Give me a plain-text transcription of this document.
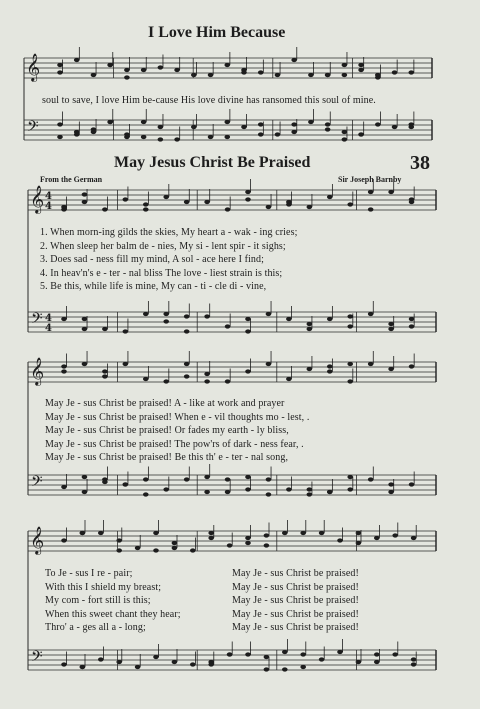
I Love Him Because
soul to save, I love Him be-cause His love divine has ransomed this soul of mine.
May Jesus Christ Be Praised	38
From the German	Sir Joseph Barnby
1. When morn-ing gilds the skies, My heart a - wak - ing cries;
2. When sleep her balm de - nies, My si - lent spir - it sighs;
3. Does sad - ness fill my mind, A sol - ace here I find;
4. In heav'n's e - ter - nal bliss The love - liest strain is this;
5. Be this, while life is mine, My can - ti - cle di - vine,
May Je - sus Christ be praised! A - like at work and prayer
May Je - sus Christ be praised! When e - vil thoughts mo - lest, .
May Je - sus Christ be praised! Or fades my earth - ly bliss,
May Je - sus Christ be praised! The pow'rs of dark - ness fear, .
May Je - sus Christ be praised! Be this th' e - ter - nal song,
To Je - sus I re - pair;
With this I shield my breast;
My com - fort still is this;
When this sweet chant they hear;
Thro' a - ges all a - long;
May Je - sus Christ be praised!
May Je - sus Christ be praised!
May Je - sus Christ be praised!
May Je - sus Christ be praised!
May Je - sus Christ be praised!
𝄞
𝄢
𝄞
𝄢
4
4
4
4
𝄞
𝄢
𝄞
𝄢
